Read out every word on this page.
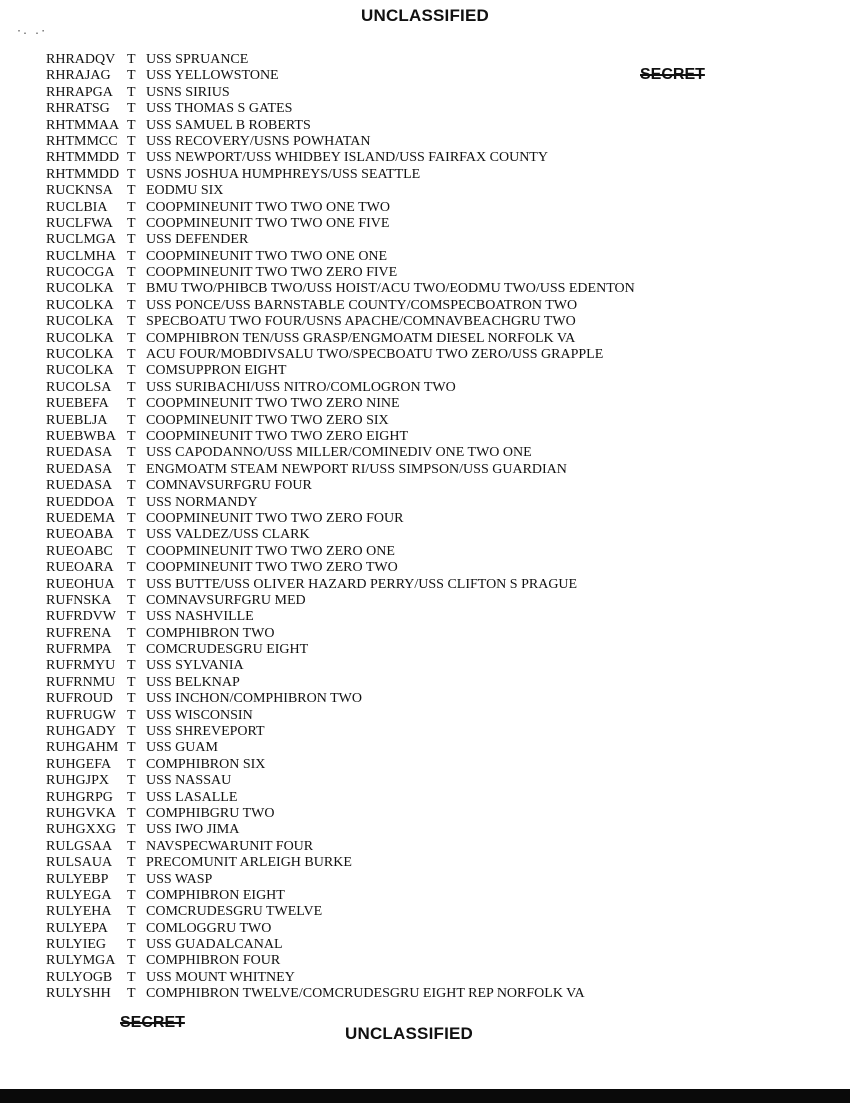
UNCLASSIFIED
·. .·
SECRET
RHRADQV T USS SPRUANCE
RHRAJAG	T USS YELLOWSTONE
RHRAPGA	T USNS SIRIUS
RHRATSG	T USS THOMAS S GATES
RHTMMAA T USS SAMUEL B ROBERTS
RHTMMCC T USS RECOVERY/USNS POWHATAN
RHTMMDD T USS NEWPORT/USS WHIDBEY ISLAND/USS FAIRFAX COUNTY
RHTMMDD T USNS JOSHUA HUMPHREYS/USS SEATTLE
RUCKNSA	T EODMU SIX
RUCLBIA	T COOPMINEUNIT TWO TWO ONE TWO
RUCLFWA	T COOPMINEUNIT TWO TWO ONE FIVE
RUCLMGA T USS DEFENDER
RUCLMHA T COOPMINEUNIT TWO TWO ONE ONE
RUCOCGA T COOPMINEUNIT TWO TWO ZERO FIVE
RUCOLKA T BMU TWO/PHIBCB TWO/USS HOIST/ACU TWO/EODMU TWO/USS EDENTON
RUCOLKA T USS PONCE/USS BARNSTABLE COUNTY/COMSPECBOATRON TWO
RUCOLKA T SPECBOATU TWO FOUR/USNS APACHE/COMNAVBEACHGRU TWO
RUCOLKA T COMPHIBRON TEN/USS GRASP/ENGMOATM DIESEL NORFOLK VA
RUCOLKA T ACU FOUR/MOBDIVSALU TWO/SPECBOATU TWO ZERO/USS GRAPPLE
RUCOLKA T COMSUPPRON EIGHT
RUCOLSA	T USS SURIBACHI/USS NITRO/COMLOGRON TWO
RUEBEFA	T COOPMINEUNIT TWO TWO ZERO NINE
RUEBLJA	T COOPMINEUNIT TWO TWO ZERO SIX
RUEBWBA T COOPMINEUNIT TWO TWO ZERO EIGHT
RUEDASA	T USS CAPODANNO/USS MILLER/COMINEDIV ONE TWO ONE
RUEDASA	T ENGMOATM STEAM NEWPORT RI/USS SIMPSON/USS GUARDIAN
RUEDASA	T COMNAVSURFGRU FOUR
RUEDDOA T USS NORMANDY
RUEDEMA T COOPMINEUNIT TWO TWO ZERO FOUR
RUEOABA T USS VALDEZ/USS CLARK
RUEOABC	T COOPMINEUNIT TWO TWO ZERO ONE
RUEOARA T COOPMINEUNIT TWO TWO ZERO TWO
RUEOHUA T USS BUTTE/USS OLIVER HAZARD PERRY/USS CLIFTON S PRAGUE
RUFNSKA	T COMNAVSURFGRU MED
RUFRDVW T USS NASHVILLE
RUFRENA	T COMPHIBRON TWO
RUFRMPA	T COMCRUDESGRU EIGHT
RUFRMYU T USS SYLVANIA
RUFRNMU T USS BELKNAP
RUFROUD	T USS INCHON/COMPHIBRON TWO
RUFRUGW T USS WISCONSIN
RUHGADY T USS SHREVEPORT
RUHGAHM T USS GUAM
RUHGEFA	T COMPHIBRON SIX
RUHGJPX	T USS NASSAU
RUHGRPG	T USS LASALLE
RUHGVKA T COMPHIBGRU TWO
RUHGXXG T USS IWO JIMA
RULGSAA	T NAVSPECWARUNIT FOUR
RULSAUA	T PRECOMUNIT ARLEIGH BURKE
RULYEBP	T USS WASP
RULYEGA	T COMPHIBRON EIGHT
RULYEHA	T COMCRUDESGRU TWELVE
RULYEPA	T COMLOGGRU TWO
RULYIEG	T USS GUADALCANAL
RULYMGA T COMPHIBRON FOUR
RULYOGB	T USS MOUNT WHITNEY
RULYSHH	T COMPHIBRON TWELVE/COMCRUDESGRU EIGHT REP NORFOLK VA
SECRET
UNCLASSIFIED
